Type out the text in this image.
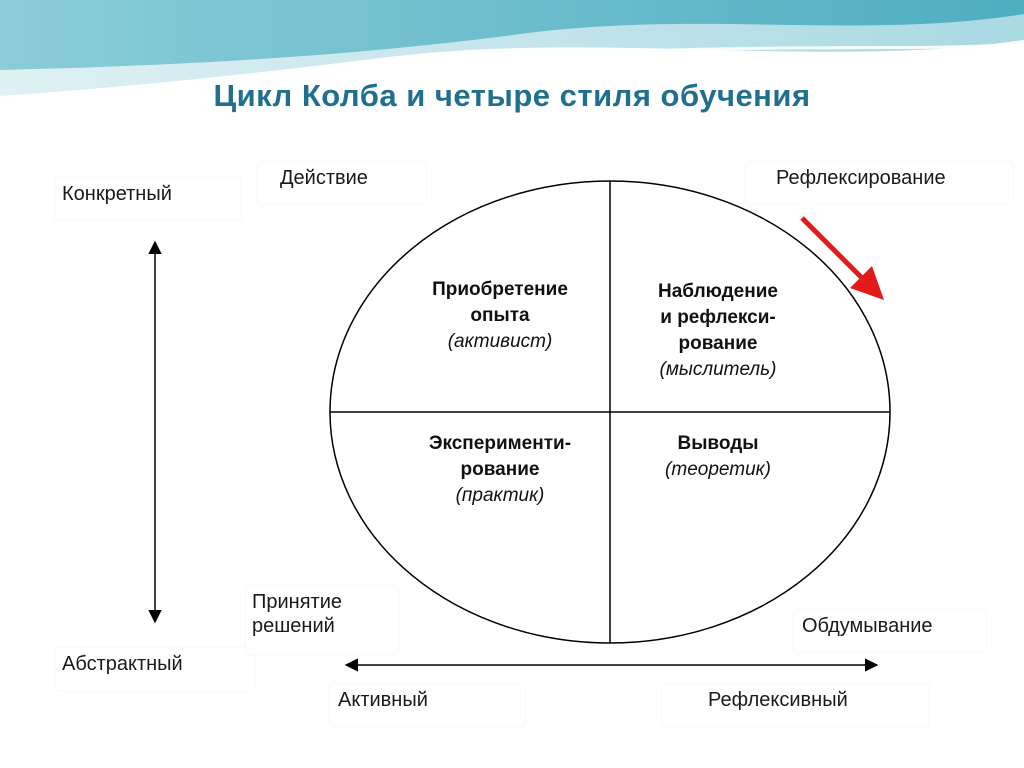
Цикл Колба и четыре стиля обучения
Конкретный
Абстрактный
Действие	Рефлексирование
Принятие
решений	Обдумывание
Активный	Рефлексивный
Приобретение
опыта
(активист)
Наблюдение
и рефлекси-
рование
(мыслитель)
Эксперименти-
рование
(практик)
Выводы
(теоретик)
